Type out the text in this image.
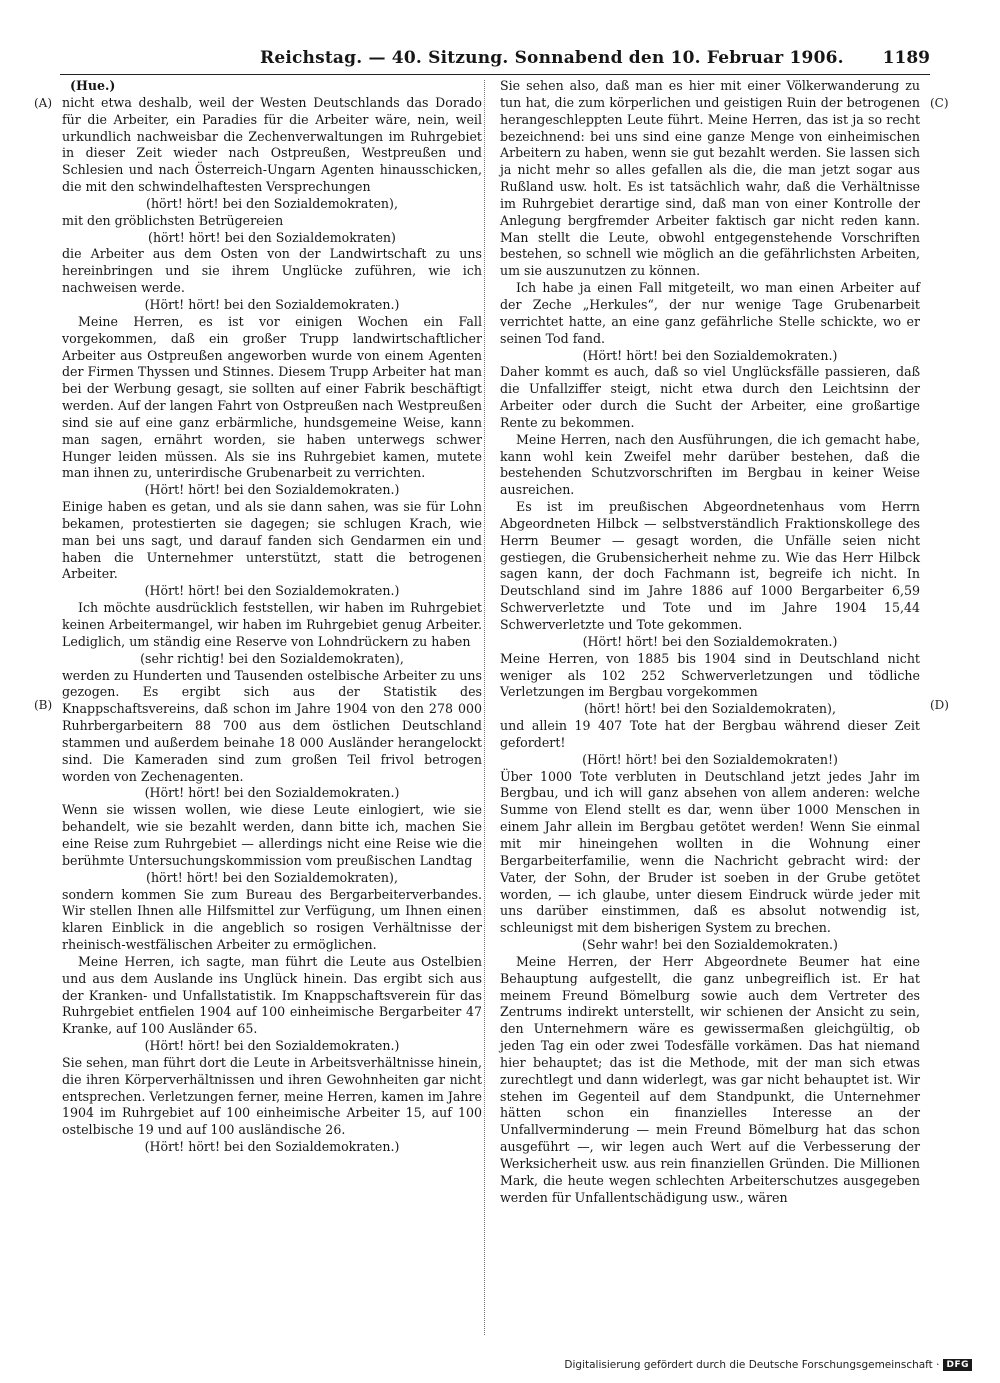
Reichstag. — 40. Sitzung. Sonnabend den 10. Februar 1906. 1189
(A)
(B)
(C)
(D)

(Hue.)

nicht etwa deshalb, weil der Westen Deutschlands das Dorado für die Arbeiter, ein Paradies für die Arbeiter wäre, nein, weil urkundlich nachweisbar die Zechenverwaltungen im Ruhrgebiet in dieser Zeit wieder nach Ostpreußen, Westpreußen und Schlesien und nach Österreich-Ungarn Agenten hinausschicken, die mit den schwindelhaftesten Versprechungen

(hört! hört! bei den Sozialdemokraten),

mit den gröblichsten Betrügereien

(hört! hört! bei den Sozialdemokraten)

die Arbeiter aus dem Osten von der Landwirtschaft zu uns hereinbringen und sie ihrem Unglücke zuführen, wie ich nachweisen werde.

(Hört! hört! bei den Sozialdemokraten.)

Meine Herren, es ist vor einigen Wochen ein Fall vorgekommen, daß ein großer Trupp landwirtschaftlicher Arbeiter aus Ostpreußen angeworben wurde von einem Agenten der Firmen Thyssen und Stinnes. Diesem Trupp Arbeiter hat man bei der Werbung gesagt, sie sollten auf einer Fabrik beschäftigt werden. Auf der langen Fahrt von Ostpreußen nach Westpreußen sind sie auf eine ganz erbärmliche, hundsgemeine Weise, kann man sagen, ernährt worden, sie haben unterwegs schwer Hunger leiden müssen. Als sie ins Ruhrgebiet kamen, mutete man ihnen zu, unterirdische Grubenarbeit zu verrichten.

(Hört! hört! bei den Sozialdemokraten.)

Einige haben es getan, und als sie dann sahen, was sie für Lohn bekamen, protestierten sie dagegen; sie schlugen Krach, wie man bei uns sagt, und darauf fanden sich Gendarmen ein und haben die Unternehmer unterstützt, statt die betrogenen Arbeiter.

(Hört! hört! bei den Sozialdemokraten.)

Ich möchte ausdrücklich feststellen, wir haben im Ruhrgebiet keinen Arbeitermangel, wir haben im Ruhrgebiet genug Arbeiter. Lediglich, um ständig eine Reserve von Lohndrückern zu haben

(sehr richtig! bei den Sozialdemokraten),

werden zu Hunderten und Tausenden ostelbische Arbeiter zu uns gezogen. Es ergibt sich aus der Statistik des Knappschaftsvereins, daß schon im Jahre 1904 von den 278 000 Ruhrbergarbeitern 88 700 aus dem östlichen Deutschland stammen und außerdem beinahe 18 000 Ausländer herangelockt sind. Die Kameraden sind zum großen Teil frivol betrogen worden von Zechenagenten.

(Hört! hört! bei den Sozialdemokraten.)

Wenn sie wissen wollen, wie diese Leute einlogiert, wie sie behandelt, wie sie bezahlt werden, dann bitte ich, machen Sie eine Reise zum Ruhrgebiet — allerdings nicht eine Reise wie die berühmte Untersuchungskommission vom preußischen Landtag

(hört! hört! bei den Sozialdemokraten),

sondern kommen Sie zum Bureau des Bergarbeiterverbandes. Wir stellen Ihnen alle Hilfsmittel zur Verfügung, um Ihnen einen klaren Einblick in die angeblich so rosigen Verhältnisse der rheinisch-westfälischen Arbeiter zu ermöglichen.

Meine Herren, ich sagte, man führt die Leute aus Ostelbien und aus dem Auslande ins Unglück hinein. Das ergibt sich aus der Kranken- und Unfallstatistik. Im Knappschaftsverein für das Ruhrgebiet entfielen 1904 auf 100 einheimische Bergarbeiter 47 Kranke, auf 100 Ausländer 65.

(Hört! hört! bei den Sozialdemokraten.)

Sie sehen, man führt dort die Leute in Arbeitsverhältnisse hinein, die ihren Körperverhältnissen und ihren Gewohnheiten gar nicht entsprechen. Verletzungen ferner, meine Herren, kamen im Jahre 1904 im Ruhrgebiet auf 100 einheimische Arbeiter 15, auf 100 ostelbische 19 und auf 100 ausländische 26.

(Hört! hört! bei den Sozialdemokraten.)

Sie sehen also, daß man es hier mit einer Völkerwanderung zu tun hat, die zum körperlichen und geistigen Ruin der betrogenen herangeschleppten Leute führt. Meine Herren, das ist ja so recht bezeichnend: bei uns sind eine ganze Menge von einheimischen Arbeitern zu haben, wenn sie gut bezahlt werden. Sie lassen sich ja nicht mehr so alles gefallen als die, die man jetzt sogar aus Rußland usw. holt. Es ist tatsächlich wahr, daß die Verhältnisse im Ruhrgebiet derartige sind, daß man von einer Kontrolle der Anlegung bergfremder Arbeiter faktisch gar nicht reden kann. Man stellt die Leute, obwohl entgegenstehende Vorschriften bestehen, so schnell wie möglich an die gefährlichsten Arbeiten, um sie auszunutzen zu können.

Ich habe ja einen Fall mitgeteilt, wo man einen Arbeiter auf der Zeche „Herkules“, der nur wenige Tage Grubenarbeit verrichtet hatte, an eine ganz gefährliche Stelle schickte, wo er seinen Tod fand.

(Hört! hört! bei den Sozialdemokraten.)

Daher kommt es auch, daß so viel Unglücksfälle passieren, daß die Unfallziffer steigt, nicht etwa durch den Leichtsinn der Arbeiter oder durch die Sucht der Arbeiter, eine großartige Rente zu bekommen.

Meine Herren, nach den Ausführungen, die ich gemacht habe, kann wohl kein Zweifel mehr darüber bestehen, daß die bestehenden Schutzvorschriften im Bergbau in keiner Weise ausreichen.

Es ist im preußischen Abgeordnetenhaus vom Herrn Abgeordneten Hilbck — selbstverständlich Fraktionskollege des Herrn Beumer — gesagt worden, die Unfälle seien nicht gestiegen, die Grubensicherheit nehme zu. Wie das Herr Hilbck sagen kann, der doch Fachmann ist, begreife ich nicht. In Deutschland sind im Jahre 1886 auf 1000 Bergarbeiter 6,59 Schwerverletzte und Tote und im Jahre 1904 15,44 Schwerverletzte und Tote gekommen.

(Hört! hört! bei den Sozialdemokraten.)

Meine Herren, von 1885 bis 1904 sind in Deutschland nicht weniger als 102 252 Schwerverletzungen und tödliche Verletzungen im Bergbau vorgekommen

(hört! hört! bei den Sozialdemokraten),

und allein 19 407 Tote hat der Bergbau während dieser Zeit gefordert!

(Hört! hört! bei den Sozialdemokraten!)

Über 1000 Tote verbluten in Deutschland jetzt jedes Jahr im Bergbau, und ich will ganz absehen von allem anderen: welche Summe von Elend stellt es dar, wenn über 1000 Menschen in einem Jahr allein im Bergbau getötet werden! Wenn Sie einmal mit mir hineingehen wollten in die Wohnung einer Bergarbeiterfamilie, wenn die Nachricht gebracht wird: der Vater, der Sohn, der Bruder ist soeben in der Grube getötet worden, — ich glaube, unter diesem Eindruck würde jeder mit uns darüber einstimmen, daß es absolut notwendig ist, schleunigst mit dem bisherigen System zu brechen.

(Sehr wahr! bei den Sozialdemokraten.)

Meine Herren, der Herr Abgeordnete Beumer hat eine Behauptung aufgestellt, die ganz unbegreiflich ist. Er hat meinem Freund Bömelburg sowie auch dem Vertreter des Zentrums indirekt unterstellt, wir schienen der Ansicht zu sein, den Unternehmern wäre es gewissermaßen gleichgültig, ob jeden Tag ein oder zwei Todesfälle vorkämen. Das hat niemand hier behauptet; das ist die Methode, mit der man sich etwas zurechtlegt und dann widerlegt, was gar nicht behauptet ist. Wir stehen im Gegenteil auf dem Standpunkt, die Unternehmer hätten schon ein finanzielles Interesse an der Unfallverminderung — mein Freund Bömelburg hat das schon ausgeführt —, wir legen auch Wert auf die Verbesserung der Werksicherheit usw. aus rein finanziellen Gründen. Die Millionen Mark, die heute wegen schlechten Arbeiterschutzes ausgegeben werden für Unfallentschädigung usw., wären

Digitalisierung gefördert durch die Deutsche Forschungsgemeinschaft · DFG
